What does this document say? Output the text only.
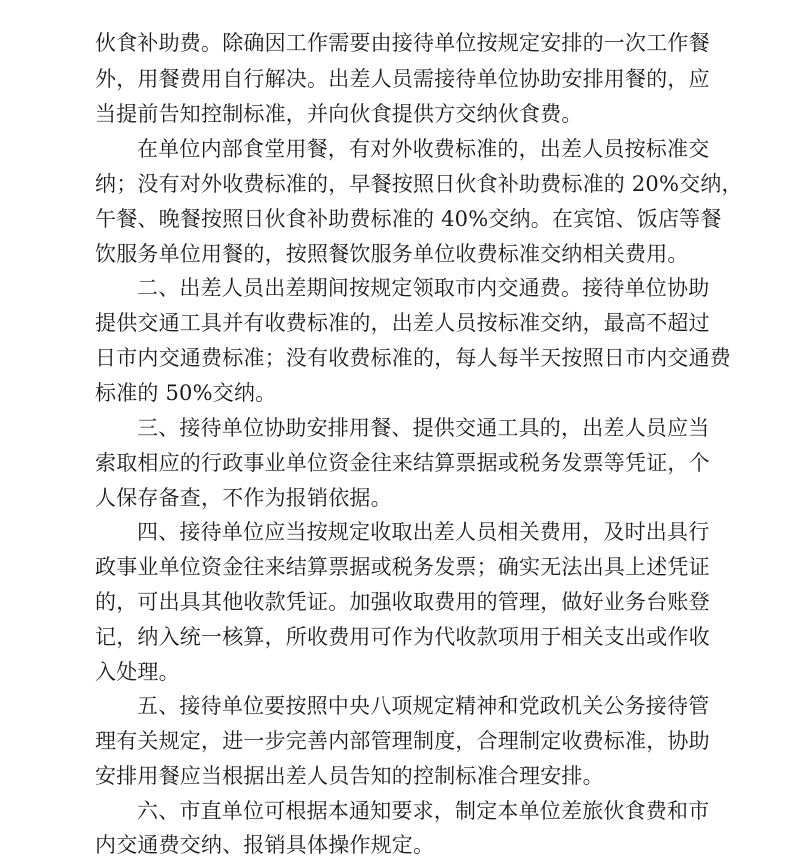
伙食补助费。除确因工作需要由接待单位按规定安排的一次工作餐
外，用餐费用自行解决。出差人员需接待单位协助安排用餐的，应
当提前告知控制标准，并向伙食提供方交纳伙食费。
在单位内部食堂用餐，有对外收费标准的，出差人员按标准交
纳；没有对外收费标准的，早餐按照日伙食补助费标准的 20%交纳，
午餐、晚餐按照日伙食补助费标准的 40%交纳。在宾馆、饭店等餐
饮服务单位用餐的，按照餐饮服务单位收费标准交纳相关费用。
二、出差人员出差期间按规定领取市内交通费。接待单位协助
提供交通工具并有收费标准的，出差人员按标准交纳，最高不超过
日市内交通费标准；没有收费标准的，每人每半天按照日市内交通费
标准的 50%交纳。
三、接待单位协助安排用餐、提供交通工具的，出差人员应当
索取相应的行政事业单位资金往来结算票据或税务发票等凭证，个
人保存备查，不作为报销依据。
四、接待单位应当按规定收取出差人员相关费用，及时出具行
政事业单位资金往来结算票据或税务发票；确实无法出具上述凭证
的，可出具其他收款凭证。加强收取费用的管理，做好业务台账登
记，纳入统一核算，所收费用可作为代收款项用于相关支出或作收
入处理。
五、接待单位要按照中央八项规定精神和党政机关公务接待管
理有关规定，进一步完善内部管理制度，合理制定收费标准，协助
安排用餐应当根据出差人员告知的控制标准合理安排。
六、市直单位可根据本通知要求，制定本单位差旅伙食费和市
内交通费交纳、报销具体操作规定。
